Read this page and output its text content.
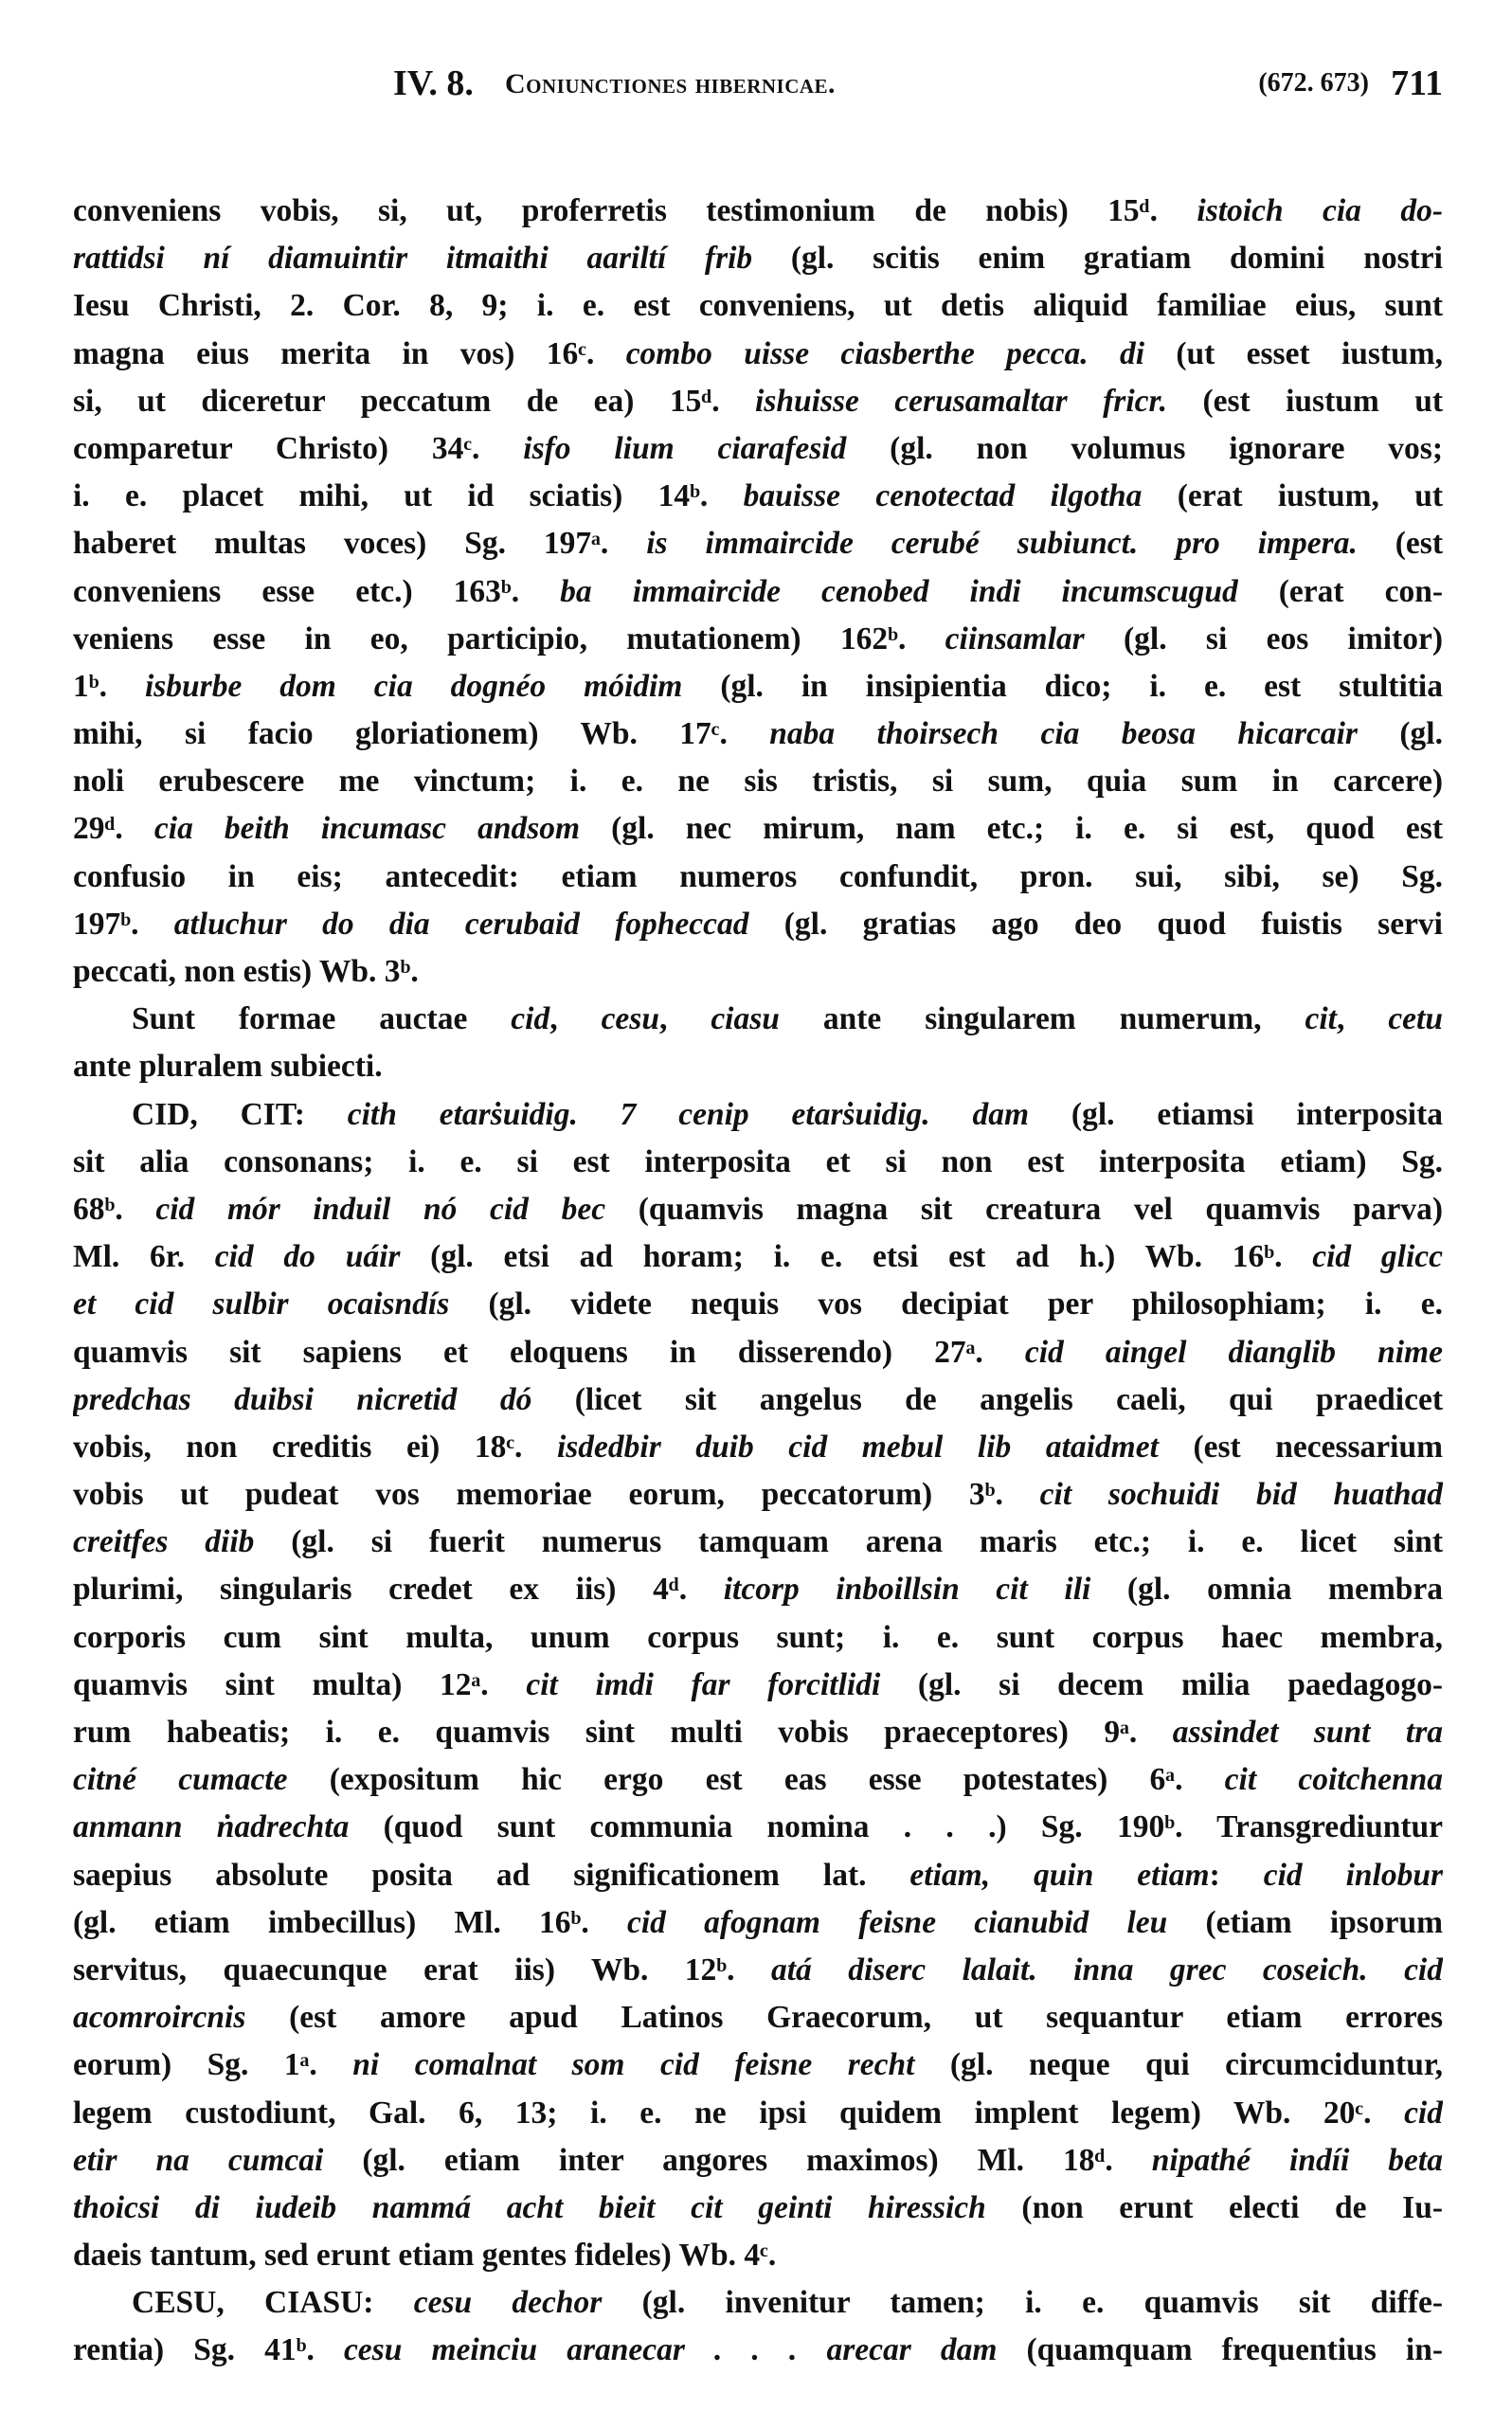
IV. 8. Coniunctiones hibernicae.	(672. 673) 711
conveniens vobis, si, ut, proferretis testimonium de nobis) 15ᵈ. istoich cia do-
rattidsi ní diamuintir itmaithi aariltí frib (gl. scitis enim gratiam domini nostri
Iesu Christi, 2. Cor. 8, 9; i. e. est conveniens, ut detis aliquid familiae eius, sunt
magna eius merita in vos) 16ᶜ. combo uisse ciasberthe pecca. di (ut esset iustum,
si, ut diceretur peccatum de ea) 15ᵈ. ishuisse cerusamaltar fricr. (est iustum ut
comparetur Christo) 34ᶜ. isfo lium ciarafesid (gl. non volumus ignorare vos;
i. e. placet mihi, ut id sciatis) 14ᵇ. bauisse cenotectad ilgotha (erat iustum, ut
haberet multas voces) Sg. 197ᵃ. is immaircide cerubé subiunct. pro impera. (est
conveniens esse etc.) 163ᵇ. ba immaircide cenobed indi incumscugud (erat con-
veniens esse in eo, participio, mutationem) 162ᵇ. ciinsamlar (gl. si eos imitor)
1ᵇ. isburbe dom cia dognéo móidim (gl. in insipientia dico; i. e. est stultitia
mihi, si facio gloriationem) Wb. 17ᶜ. naba thoirsech cia beosa hicarcair (gl.
noli erubescere me vinctum; i. e. ne sis tristis, si sum, quia sum in carcere)
29ᵈ. cia beith incumasc andsom (gl. nec mirum, nam etc.; i. e. si est, quod est
confusio in eis; antecedit: etiam numeros confundit, pron. sui, sibi, se) Sg.
197ᵇ. atluchur do dia cerubaid fopheccad (gl. gratias ago deo quod fuistis servi
peccati, non estis) Wb. 3ᵇ.
Sunt formae auctae cid, cesu, ciasu ante singularem numerum, cit, cetu
ante pluralem subiecti.
CID, CIT: cith etarṡuidig. 7 cenip etarṡuidig. dam (gl. etiamsi interposita
sit alia consonans; i. e. si est interposita et si non est interposita etiam) Sg.
68ᵇ. cid mór induil nó cid bec (quamvis magna sit creatura vel quamvis parva)
Ml. 6r. cid do uáir (gl. etsi ad horam; i. e. etsi est ad h.) Wb. 16ᵇ. cid glicc
et cid sulbir ocaisndís (gl. videte nequis vos decipiat per philosophiam; i. e.
quamvis sit sapiens et eloquens in disserendo) 27ᵃ. cid aingel dianglib nime
predchas duibsi nicretid dó (licet sit angelus de angelis caeli, qui praedicet
vobis, non creditis ei) 18ᶜ. isdedbir duib cid mebul lib ataidmet (est necessarium
vobis ut pudeat vos memoriae eorum, peccatorum) 3ᵇ. cit sochuidi bid huathad
creitfes diib (gl. si fuerit numerus tamquam arena maris etc.; i. e. licet sint
plurimi, singularis credet ex iis) 4ᵈ. itcorp inboillsin cit ili (gl. omnia membra
corporis cum sint multa, unum corpus sunt; i. e. sunt corpus haec membra,
quamvis sint multa) 12ᵃ. cit imdi far forcitlidi (gl. si decem milia paedagogo-
rum habeatis; i. e. quamvis sint multi vobis praeceptores) 9ᵃ. assindet sunt tra
citné cumacte (expositum hic ergo est eas esse potestates) 6ᵃ. cit coitchenna
anmann ṅadrechta (quod sunt communia nomina . . .) Sg. 190ᵇ. Transgrediuntur
saepius absolute posita ad significationem lat. etiam, quin etiam: cid inlobur
(gl. etiam imbecillus) Ml. 16ᵇ. cid afognam feisne cianubid leu (etiam ipsorum
servitus, quaecunque erat iis) Wb. 12ᵇ. atá diserc lalait. inna grec coseich. cid
acomroircnis (est amore apud Latinos Graecorum, ut sequantur etiam errores
eorum) Sg. 1ᵃ. ni comalnat som cid feisne recht (gl. neque qui circumciduntur,
legem custodiunt, Gal. 6, 13; i. e. ne ipsi quidem implent legem) Wb. 20ᶜ. cid
etir na cumcai (gl. etiam inter angores maximos) Ml. 18ᵈ. nipathé indíi beta
thoicsi di iudeib nammá acht bieit cit geinti hiressich (non erunt electi de Iu-
daeis tantum, sed erunt etiam gentes fideles) Wb. 4ᶜ.
CESU, CIASU: cesu dechor (gl. invenitur tamen; i. e. quamvis sit diffe-
rentia) Sg. 41ᵇ. cesu meinciu aranecar . . . arecar dam (quamquam frequentius in-
